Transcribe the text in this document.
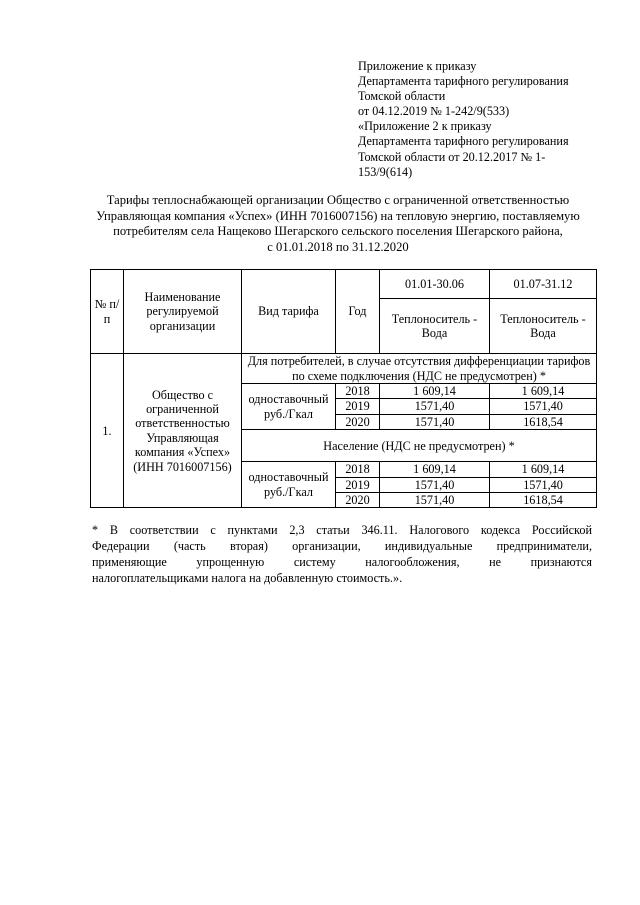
Приложение к приказу
Департамента тарифного регулирования
Томской области
от 04.12.2019 № 1-242/9(533)
«Приложение 2 к приказу
Департамента тарифного регулирования
Томской области от 20.12.2017 № 1-
153/9(614)
Тарифы теплоснабжающей организации Общество с ограниченной ответственностью
Управляющая компания «Успех» (ИНН 7016007156) на тепловую энергию, поставляемую
потребителям села Нащеково Шегарского сельского поселения Шегарского района,
с 01.01.2018 по 31.12.2020
№ п/п	Наименование регулируемой организации	Вид тарифа	Год	01.01-30.06	01.07-31.12
				Теплоноситель - Вода	Теплоноситель - Вода
1.	Общество с ограниченной ответственностью Управляющая компания «Успех» (ИНН 7016007156)	Для потребителей, в случае отсутствия дифференциации тарифов по схеме подключения (НДС не предусмотрен) *			
		одноставочный руб./Гкал	2018	1 609,14	1 609,14
			2019	1571,40	1571,40
			2020	1571,40	1618,54
		Население (НДС не предусмотрен) *			
		одноставочный руб./Гкал	2018	1 609,14	1 609,14
			2019	1571,40	1571,40
			2020	1571,40	1618,54
* В соответствии с пунктами 2,3 статьи 346.11. Налогового кодекса Российской
Федерации (часть вторая) организации, индивидуальные предприниматели,
применяющие упрощенную систему налогообложения, не признаются
налогоплательщиками налога на добавленную стоимость.».
